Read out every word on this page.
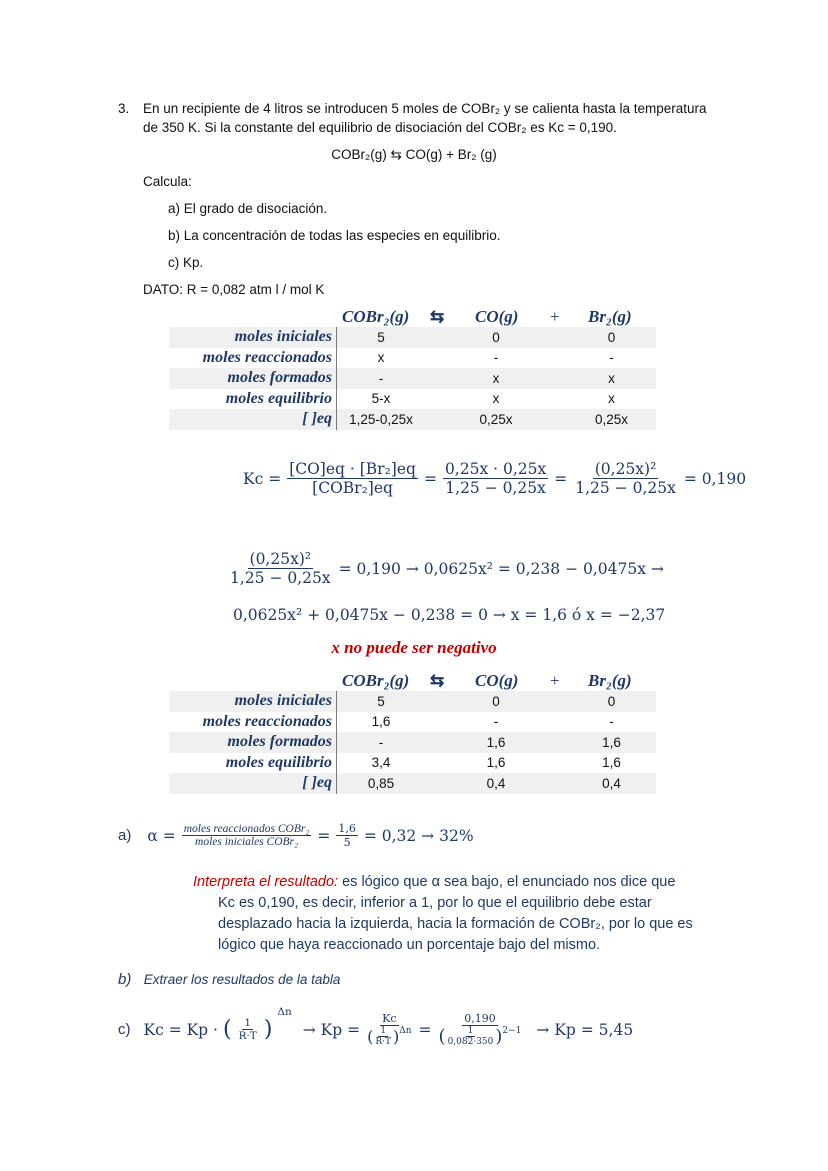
3. En un recipiente de 4 litros se introducen 5 moles de COBr₂ y se calienta hasta la temperatura
de 350 K. Si la constante del equilibrio de disociación del COBr₂ es Kc = 0,190.
COBr₂(g) ⇆ CO(g) + Br₂ (g)
Calcula:
a) El grado de disociación.
b) La concentración de todas las especies en equilibrio.
c) Kp.
DATO: R = 0,082 atm l / mol K
COBr₂(g) ⇆ CO(g) + Br₂(g)
moles iniciales	5	0	0
moles reaccionados	x	-	-
moles formados	-	x	x
moles equilibrio	5-x	x	x
[ ]eq	1,25-0,25x	0,25x	0,25x
$Kc = \frac{\text{[CO]eq · [Br₂]eq}}{\text{[COBr₂]eq}} = \frac{0,25x \cdot 0,25x}{1,25 - 0,25x} = \frac{\text{(0,25x)²}}{1,25 - 0,25x} = 0,190$
$\frac{\text{(0,25x)²}}{1,25 - 0,25x} = 0,190 \to 0,0625x^2 = 0,238 - 0,0475x$ →
0,0625x² + 0,0475x − 0,238 = 0 → x = 1,6 ó x = −2,37
x no puede ser negativo
COBr₂(g) ⇆ CO(g) + Br₂(g)
moles iniciales	5	0	0
moles reaccionados	1,6	-	-
moles formados	-	1,6	1,6
moles equilibrio	3,4	1,6	1,6
[ ]eq	0,85	0,4	0,4
a) $\alpha = \frac{\text{moles reaccionados COBr₂}}{\text{moles iniciales COBr₂}} = \frac{1,6}{5} = 0,32 \to 32\%$
Interpreta el resultado: es lógico que α sea bajo, el enunciado nos dice que
Kc es 0,190, es decir, inferior a 1, por lo que el equilibrio debe estar
desplazado hacia la izquierda, hacia la formación de COBr₂, por lo que es
lógico que haya reaccionado un porcentaje bajo del mismo.
b) Extraer los resultados de la tabla
c) Kc = Kp · ( $\frac{1}{R\cdot T}$ )
Δn
→ $Kp = \frac{Kc}{( \frac{1}{R\cdot T} ) \Delta n}$ =
0,190
( $\frac{1}{0,082\cdot 350}$ ) 2−1 → Kp = 5,45
